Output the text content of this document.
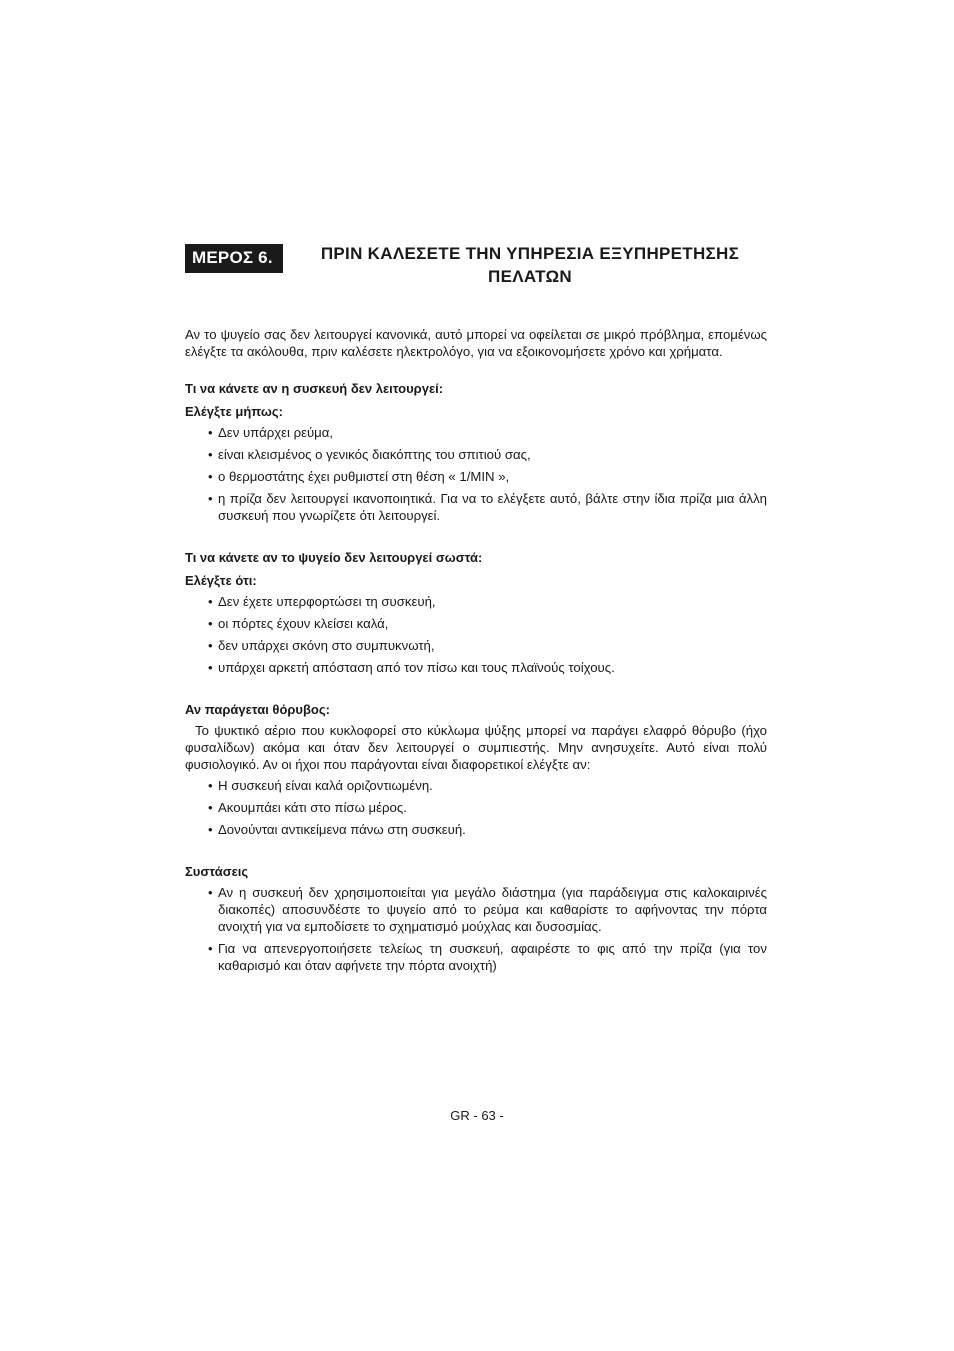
ΜΕΡΟΣ 6.	ΠΡΙΝ ΚΑΛΕΣΕΤΕ ΤΗΝ ΥΠΗΡΕΣΙΑ ΕΞΥΠΗΡΕΤΗΣΗΣ
ΠΕΛΑΤΩΝ

Αν το ψυγείο σας δεν λειτουργεί κανονικά, αυτό μπορεί να οφείλεται σε μικρό πρόβλημα, επομένως ελέγξτε τα ακόλουθα, πριν καλέσετε ηλεκτρολόγο, για να εξοικονομήσετε χρόνο και χρήματα.

Τι να κάνετε αν η συσκευή δεν λειτουργεί:

Ελέγξτε μήπως:

• Δεν υπάρχει ρεύμα,
• είναι κλεισμένος ο γενικός διακόπτης του σπιτιού σας,
• ο θερμοστάτης έχει ρυθμιστεί στη θέση « 1/MIN »,
• η πρίζα δεν λειτουργεί ικανοποιητικά. Για να το ελέγξετε αυτό, βάλτε στην ίδια πρίζα μια άλλη συσκευή που γνωρίζετε ότι λειτουργεί.

Τι να κάνετε αν το ψυγείο δεν λειτουργεί σωστά:

Ελέγξτε ότι:

• Δεν έχετε υπερφορτώσει τη συσκευή,
• οι πόρτες έχουν κλείσει καλά,
• δεν υπάρχει σκόνη στο συμπυκνωτή,
• υπάρχει αρκετή απόσταση από τον πίσω και τους πλαϊνούς τοίχους.

Αν παράγεται θόρυβος:

Το ψυκτικό αέριο που κυκλοφορεί στο κύκλωμα ψύξης μπορεί να παράγει ελαφρό θόρυβο (ήχο φυσαλίδων) ακόμα και όταν δεν λειτουργεί ο συμπιεστής. Μην ανησυχείτε. Αυτό είναι πολύ φυσιολογικό. Αν οι ήχοι που παράγονται είναι διαφορετικοί ελέγξτε αν:

• Η συσκευή είναι καλά οριζοντιωμένη.
• Ακουμπάει κάτι στο πίσω μέρος.
• Δονούνται αντικείμενα πάνω στη συσκευή.

Συστάσεις

• Αν η συσκευή δεν χρησιμοποιείται για μεγάλο διάστημα (για παράδειγμα στις καλοκαιρινές διακοπές) αποσυνδέστε το ψυγείο από το ρεύμα και καθαρίστε το αφήνοντας την πόρτα ανοιχτή για να εμποδίσετε το σχηματισμό μούχλας και δυσοσμίας.
• Για να απενεργοποιήσετε τελείως τη συσκευή, αφαιρέστε το φις από την πρίζα (για τον καθαρισμό και όταν αφήνετε την πόρτα ανοιχτή)
GR - 63 -
